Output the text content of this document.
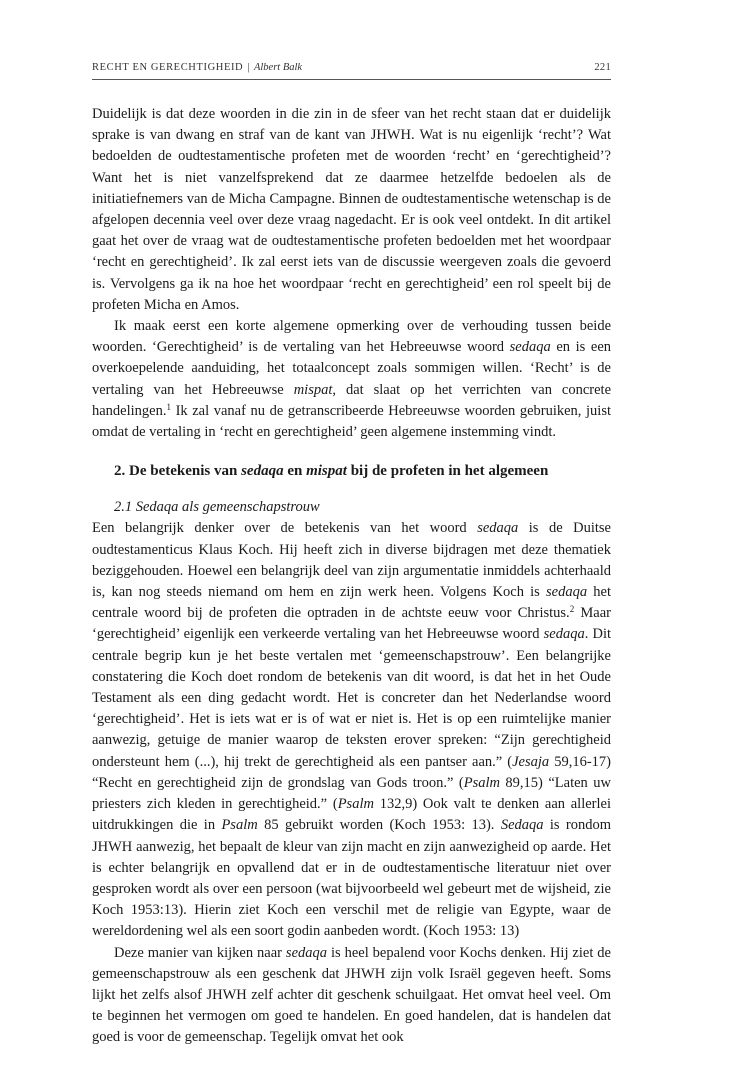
RECHT EN GERECHTIGHEID | Albert Balk	221

Duidelijk is dat deze woorden in die zin in de sfeer van het recht staan dat er duidelijk sprake is van dwang en straf van de kant van JHWH. Wat is nu eigenlijk ‘recht’? Wat bedoelden de oudtestamentische profeten met de woorden ‘recht’ en ‘gerechtigheid’? Want het is niet vanzelfsprekend dat ze daarmee hetzelfde bedoelen als de initiatiefnemers van de Micha Campagne. Binnen de oudtestamentische wetenschap is de afgelopen decennia veel over deze vraag nagedacht. Er is ook veel ontdekt. In dit artikel gaat het over de vraag wat de oudtestamentische profeten bedoelden met het woordpaar ‘recht en gerechtigheid’. Ik zal eerst iets van de discussie weergeven zoals die gevoerd is. Vervolgens ga ik na hoe het woordpaar ‘recht en gerechtigheid’ een rol speelt bij de profeten Micha en Amos.

Ik maak eerst een korte algemene opmerking over de verhouding tussen beide woorden. ‘Gerechtigheid’ is de vertaling van het Hebreeuwse woord sedaqa en is een overkoepelende aanduiding, het totaalconcept zoals sommigen willen. ‘Recht’ is de vertaling van het Hebreeuwse mispat, dat slaat op het verrichten van concrete handelingen.$^1$ Ik zal vanaf nu de getranscribeerde Hebreeuwse woorden gebruiken, juist omdat de vertaling in ‘recht en gerechtigheid’ geen algemene instemming vindt.

2. De betekenis van sedaqa en mispat bij de profeten in het algemeen

2.1 Sedaqa als gemeenschapstrouw

Een belangrijk denker over de betekenis van het woord sedaqa is de Duitse oudtestamenticus Klaus Koch. Hij heeft zich in diverse bijdragen met deze thematiek beziggehouden. Hoewel een belangrijk deel van zijn argumentatie inmiddels achterhaald is, kan nog steeds niemand om hem en zijn werk heen. Volgens Koch is sedaqa het centrale woord bij de profeten die optraden in de achtste eeuw voor Christus.$^2$ Maar ‘gerechtigheid’ eigenlijk een verkeerde vertaling van het Hebreeuwse woord sedaqa. Dit centrale begrip kun je het beste vertalen met ‘gemeenschapstrouw’. Een belangrijke constatering die Koch doet rondom de betekenis van dit woord, is dat het in het Oude Testament als een ding gedacht wordt. Het is concreter dan het Nederlandse woord ‘gerechtigheid’. Het is iets wat er is of wat er niet is. Het is op een ruimtelijke manier aanwezig, getuige de manier waarop de teksten erover spreken: “Zijn gerechtigheid ondersteunt hem (...), hij trekt de gerechtigheid als een pantser aan.” (Jesaja 59,16-17) “Recht en gerechtigheid zijn de grondslag van Gods troon.” (Psalm 89,15) “Laten uw priesters zich kleden in gerechtigheid.” (Psalm 132,9) Ook valt te denken aan allerlei uitdrukkingen die in Psalm 85 gebruikt worden (Koch 1953: 13). Sedaqa is rondom JHWH aanwezig, het bepaalt de kleur van zijn macht en zijn aanwezigheid op aarde. Het is echter belangrijk en opvallend dat er in de oudtestamentische literatuur niet over gesproken wordt als over een persoon (wat bijvoorbeeld wel gebeurt met de wijsheid, zie Koch 1953:13). Hierin ziet Koch een verschil met de religie van Egypte, waar de wereldordening wel als een soort godin aanbeden wordt. (Koch 1953: 13)

Deze manier van kijken naar sedaqa is heel bepalend voor Kochs denken. Hij ziet de gemeenschapstrouw als een geschenk dat JHWH zijn volk Israël gegeven heeft. Soms lijkt het zelfs alsof JHWH zelf achter dit geschenk schuilgaat. Het omvat heel veel. Om te beginnen het vermogen om goed te handelen. En goed handelen, dat is handelen dat goed is voor de gemeenschap. Tegelijk omvat het ook
